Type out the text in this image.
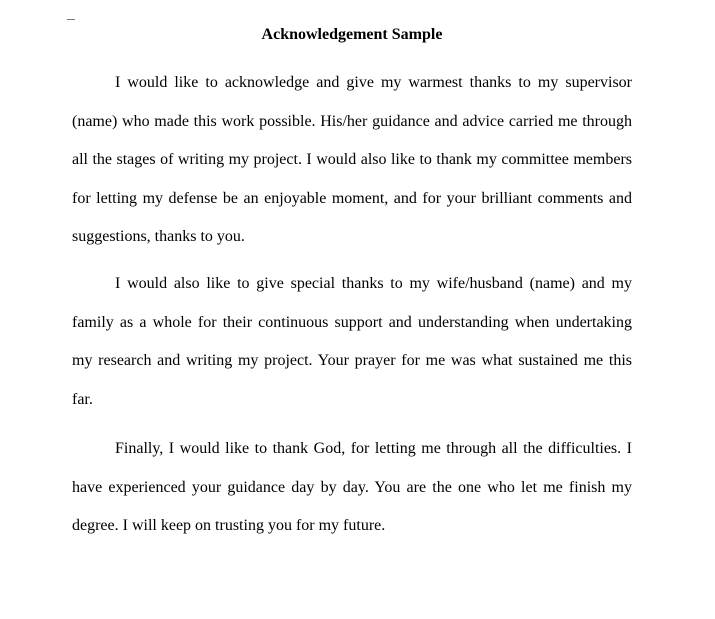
Acknowledgement Sample

I would like to acknowledge and give my warmest thanks to my supervisor (name) who made this work possible. His/her guidance and advice carried me through all the stages of writing my project. I would also like to thank my committee members for letting my defense be an enjoyable moment, and for your brilliant comments and suggestions, thanks to you.

I would also like to give special thanks to my wife/husband (name) and my family as a whole for their continuous support and understanding when undertaking my research and writing my project. Your prayer for me was what sustained me this far.

Finally, I would like to thank God, for letting me through all the difficulties. I have experienced your guidance day by day. You are the one who let me finish my degree. I will keep on trusting you for my future.
